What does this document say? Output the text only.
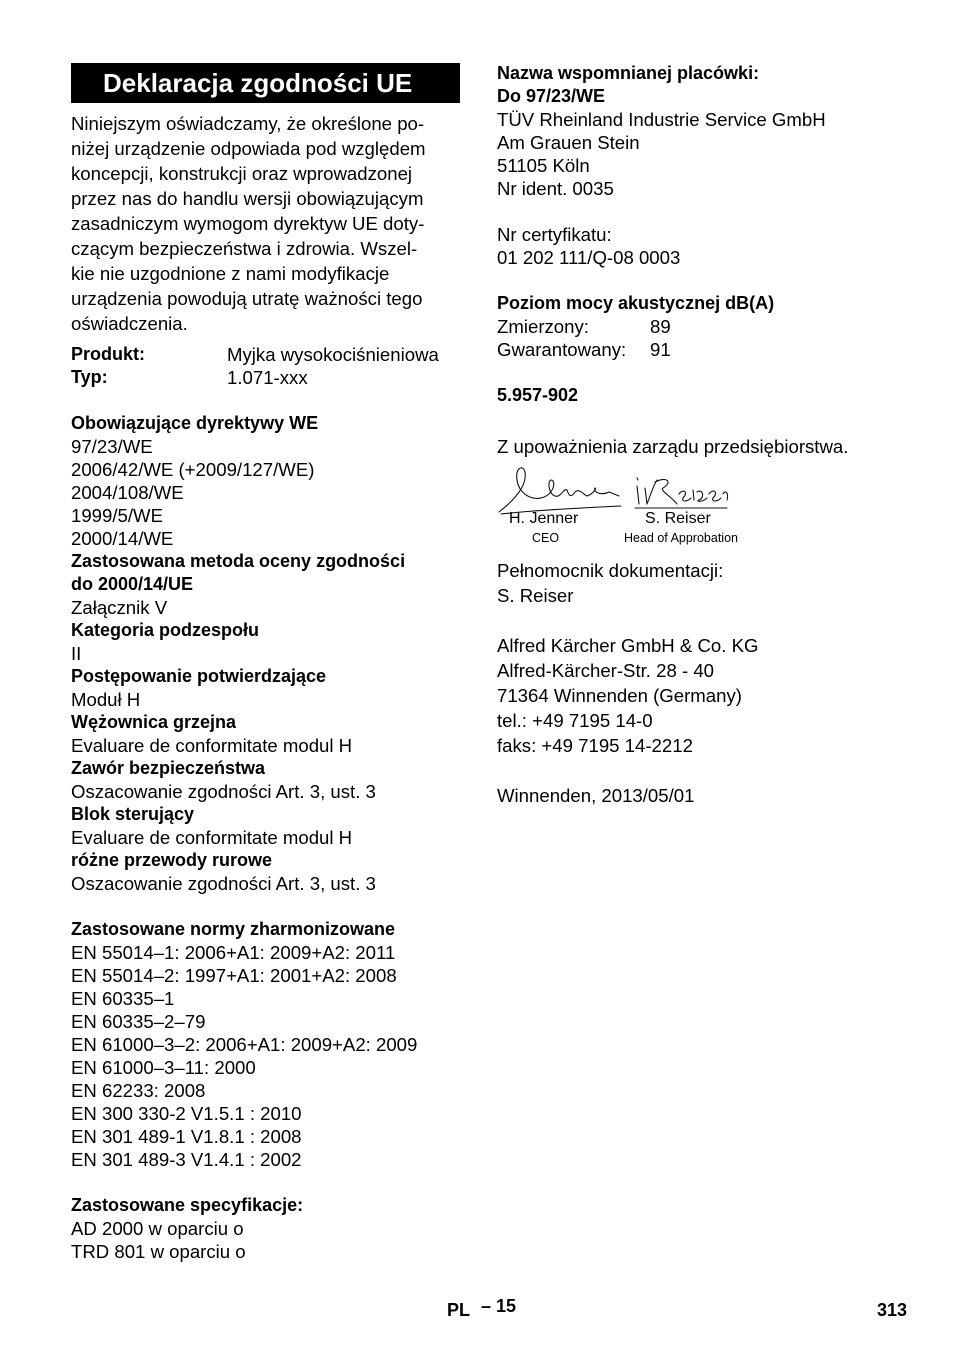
Deklaracja zgodności UE
Niniejszym oświadczamy, że określone po-
niżej urządzenie odpowiada pod względem
koncepcji, konstrukcji oraz wprowadzonej
przez nas do handlu wersji obowiązującym
zasadniczym wymogom dyrektyw UE doty-
czącym bezpieczeństwa i zdrowia. Wszel-
kie nie uzgodnione z nami modyfikacje
urządzenia powodują utratę ważności tego
oświadczenia.
Produkt:	Myjka wysokociśnieniowa
Typ:	1.071-xxx
Obowiązujące dyrektywy WE
97/23/WE
2006/42/WE (+2009/127/WE)
2004/108/WE
1999/5/WE
2000/14/WE
Zastosowana metoda oceny zgodności
do 2000/14/UE
Załącznik V
Kategoria podzespołu
II
Postępowanie potwierdzające
Moduł H
Wężownica grzejna
Evaluare de conformitate modul H
Zawór bezpieczeństwa
Oszacowanie zgodności Art. 3, ust. 3
Blok sterujący
Evaluare de conformitate modul H
różne przewody rurowe
Oszacowanie zgodności Art. 3, ust. 3
Zastosowane normy zharmonizowane
EN 55014–1: 2006+A1: 2009+A2: 2011
EN 55014–2: 1997+A1: 2001+A2: 2008
EN 60335–1
EN 60335–2–79
EN 61000–3–2: 2006+A1: 2009+A2: 2009
EN 61000–3–11: 2000
EN 62233: 2008
EN 300 330-2 V1.5.1 : 2010
EN 301 489-1 V1.8.1 : 2008
EN 301 489-3 V1.4.1 : 2002
Zastosowane specyfikacje:
AD 2000 w oparciu o
TRD 801 w oparciu o
Nazwa wspomnianej placówki:
Do 97/23/WE
TÜV Rheinland Industrie Service GmbH
Am Grauen Stein
51105 Köln
Nr ident. 0035
Nr certyfikatu:
01 202 111/Q-08 0003
Poziom mocy akustycznej dB(A)
Zmierzony:	89
Gwarantowany:	91
5.957-902
Z upoważnienia zarządu przedsiębiorstwa.
H. Jenner
CEO
S. Reiser
Head of Approbation
Pełnomocnik dokumentacji:
S. Reiser
Alfred Kärcher GmbH & Co. KG
Alfred-Kärcher-Str. 28 - 40
71364 Winnenden (Germany)
tel.: +49 7195 14-0
faks: +49 7195 14-2212
Winnenden, 2013/05/01
PL – 15	313
